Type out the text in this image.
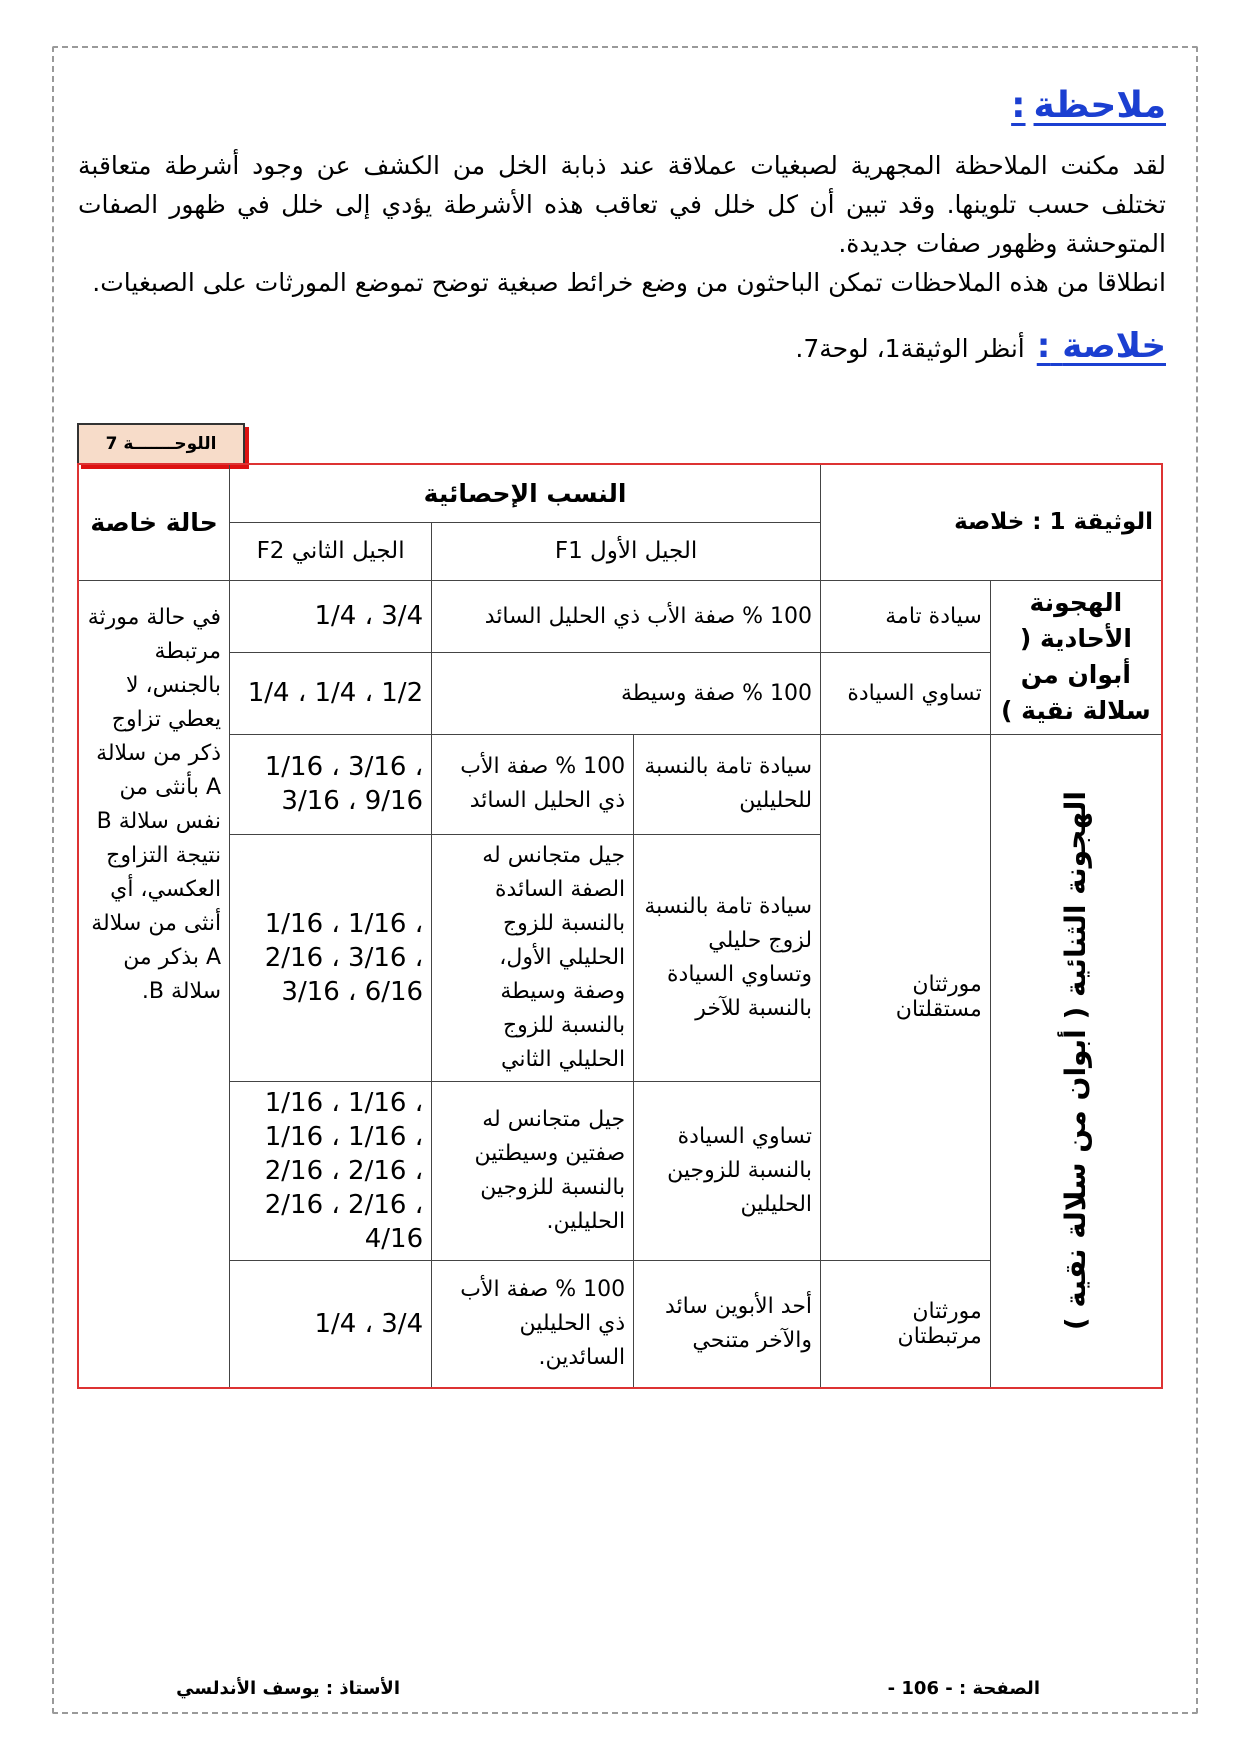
ملاحظة:

لقد مكنت الملاحظة المجهرية لصبغيات عملاقة عند ذبابة الخل من الكشف عن وجود أشرطة متعاقبة تختلف حسب تلوينها. وقد تبين أن كل خلل في تعاقب هذه الأشرطة يؤدي إلى خلل في ظهور الصفات المتوحشة وظهور صفات جديدة.

انطلاقا من هذه الملاحظات تمكن الباحثون من وضع خرائط صبغية توضح تموضع المورثات على الصبغيات.

خلاصة :
أنظر الوثيقة1، لوحة7.
اللوحـــــــة 7
الوثيقة 1 : خلاصة		النسب الإحصائية			حالة خاصة
		الجيل الأول F1		الجيل الثاني F2	
الهجونة الأحادية ( أبوان من سلالة نقية )	سيادة تامة	100 % صفة الأب ذي الحليل السائد		1/4 ، 3/4	في حالة مورثة مرتبطة بالجنس، لا يعطي تزاوج ذكر من سلالة A بأنثى من نفس سلالة B نتيجة التزاوج العكسي، أي أنثى من سلالة A بذكر من سلالة B.
	تساوي السيادة	100 % صفة وسيطة		1/4 ، 1/4 ، 1/2	

الهجونة الثنائية ( أبوان من سلالة نقية )	مورثتان مستقلتان	سيادة تامة بالنسبة للحليلين	100 % صفة الأب ذي الحليل السائد	1/16 ، 3/16 ، 3/16 ، 9/16	
		سيادة تامة بالنسبة لزوج حليلي وتساوي السيادة بالنسبة للآخر	جيل متجانس له الصفة السائدة بالنسبة للزوج الحليلي الأول، وصفة وسيطة بالنسبة للزوج الحليلي الثاني	1/16 ، 1/16 ، 2/16 ، 3/16 ، 3/16 ، 6/16	
		تساوي السيادة بالنسبة للزوجين الحليلين	جيل متجانس له صفتين وسيطتين بالنسبة للزوجين الحليلين.	1/16 ، 1/16 ، 1/16 ، 1/16 ، 2/16 ، 2/16 ، 2/16 ، 2/16 ، 4/16	
	مورثتان مرتبطتان	أحد الأبوين سائد والآخر متنحي	100 % صفة الأب ذي الحليلين السائدين.	1/4 ، 3/4	
الصفحة : - 106 -
الأستاذ : يوسف الأندلسي
